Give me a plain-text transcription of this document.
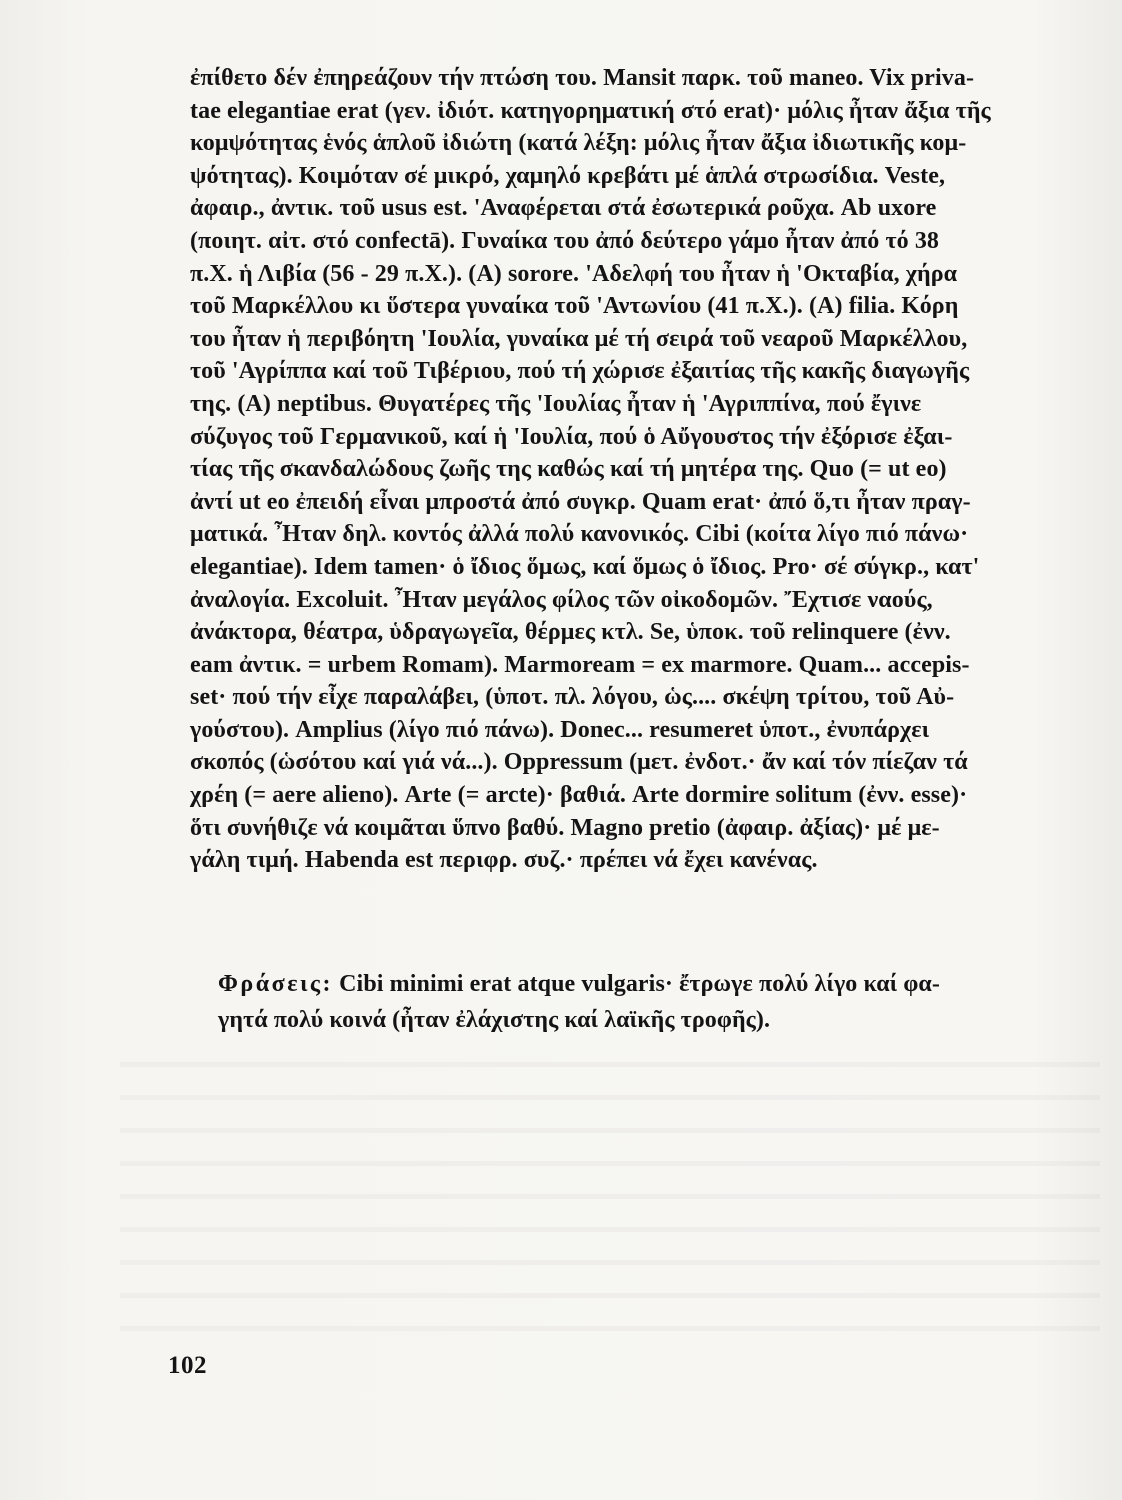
ἐπίθετο δέν ἐπηρεάζουν τήν πτώση του. Mansit παρκ. τοῦ maneo. Vix priva-
tae elegantiae erat (γεν. ἰδιότ. κατηγορηματική στό erat)· μόλις ἦταν ἄξια τῆς
κομψότητας ἑνός ἁπλοῦ ἰδιώτη (κατά λέξη: μόλις ἦταν ἄξια ἰδιωτικῆς κομ-
ψότητας). Κοιμόταν σέ μικρό, χαμηλό κρεβάτι μέ ἁπλά στρωσίδια. Veste,
ἀφαιρ., ἀντικ. τοῦ usus est. 'Αναφέρεται στά ἐσωτερικά ροῦχα. Ab uxore
(ποιητ. αἰτ. στό confectā). Γυναίκα του ἀπό δεύτερο γάμο ἦταν ἀπό τό 38
π.Χ. ἡ Λιβία (56 - 29 π.Χ.). (A) sorore. 'Αδελφή του ἦταν ἡ 'Οκταβία, χήρα
τοῦ Μαρκέλλου κι ὕστερα γυναίκα τοῦ 'Αντωνίου (41 π.Χ.). (A) filia. Κόρη
του ἦταν ἡ περιβόητη 'Ιουλία, γυναίκα μέ τή σειρά τοῦ νεαροῦ Μαρκέλλου,
τοῦ 'Αγρίππα καί τοῦ Τιβέριου, πού τή χώρισε ἐξαιτίας τῆς κακῆς διαγωγῆς
της. (A) neptibus. Θυγατέρες τῆς 'Ιουλίας ἦταν ἡ 'Αγριππίνα, πού ἔγινε
σύζυγος τοῦ Γερμανικοῦ, καί ἡ 'Ιουλία, πού ὁ Αὔγουστος τήν ἐξόρισε ἐξαι-
τίας τῆς σκανδαλώδους ζωῆς της καθώς καί τή μητέρα της. Quo (= ut eo)
ἀντί ut eo ἐπειδή εἶναι μπροστά ἀπό συγκρ. Quam erat· ἀπό ὅ,τι ἦταν πραγ-
ματικά. Ἦταν δηλ. κοντός ἀλλά πολύ κανονικός. Cibi (κοίτα λίγο πιό πάνω·
elegantiae). Idem tamen· ὁ ἴδιος ὅμως, καί ὅμως ὁ ἴδιος. Pro· σέ σύγκρ., κατ'
ἀναλογία. Excoluit. Ἦταν μεγάλος φίλος τῶν οἰκοδομῶν. Ἔχτισε ναούς,
ἀνάκτορα, θέατρα, ὑδραγωγεῖα, θέρμες κτλ. Se, ὑποκ. τοῦ relinquere (ἐνν.
eam ἀντικ. = urbem Romam). Marmoream = ex marmore. Quam... accepis-
set· πού τήν εἶχε παραλάβει, (ὑποτ. πλ. λόγου, ὡς.... σκέψη τρίτου, τοῦ Αὐ-
γούστου). Amplius (λίγο πιό πάνω). Donec... resumeret ὑποτ., ἐνυπάρχει
σκοπός (ὡσότου καί γιά νά...). Oppressum (μετ. ἐνδοτ.· ἄν καί τόν πίεζαν τά
χρέη (= aere alieno). Arte (= arcte)· βαθιά. Arte dormire solitum (ἐνν. esse)·
ὅτι συνήθιζε νά κοιμᾶται ὕπνο βαθύ. Magno pretio (ἀφαιρ. ἀξίας)· μέ με-
γάλη τιμή. Habenda est περιφρ. συζ.· πρέπει νά ἔχει κανένας.
Φράσεις: Cibi minimi erat atque vulgaris· ἔτρωγε πολύ λίγο καί φα-
γητά πολύ κοινά (ἦταν ἐλάχιστης καί λαϊκῆς τροφῆς).
102
